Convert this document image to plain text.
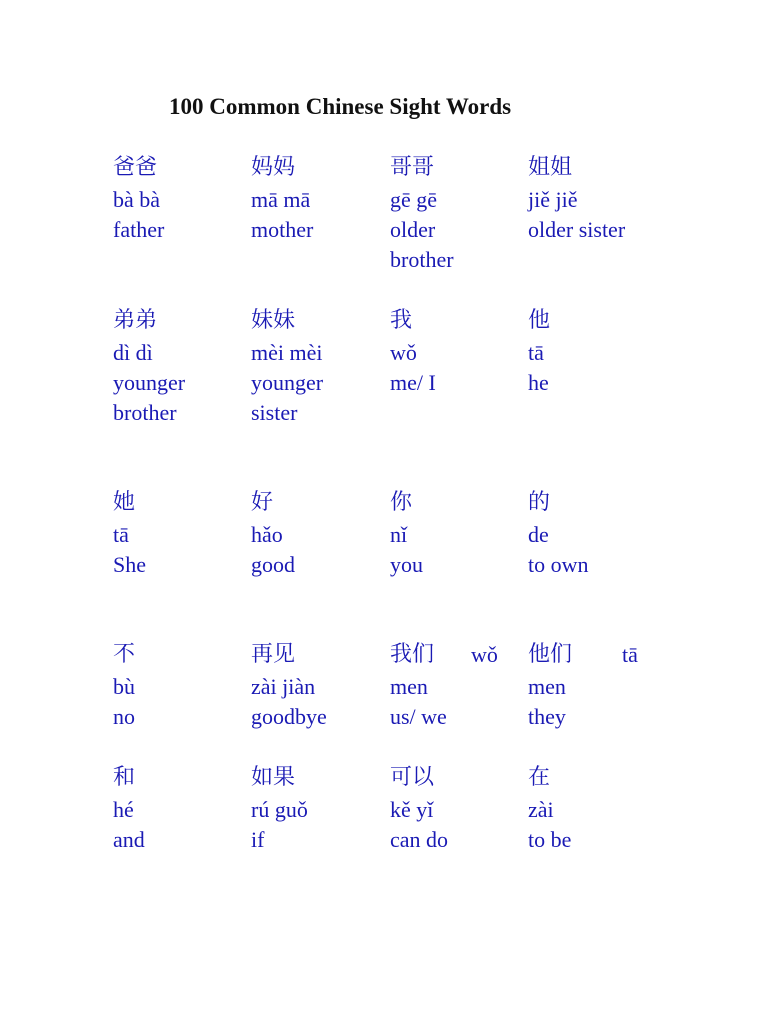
100 Common Chinese Sight Words
爸爸
bà bà
father
妈妈
mā mā
mother
哥哥
gē gē
older brother
姐姐
jiě jiě
older sister
弟弟
dì dì
younger brother
妹妹
mèi mèi
younger sister
我
wǒ
me/ I
他
tā
he
她
tā
She
好
hǎo
good
你
nǐ
you
的
de
to own
不
bù
no
再见
zài jiàn
goodbye
我们	wǒ
men
us/ we
他们	tā
men
they
和
hé
and
如果
rú guǒ
if
可以
kě yǐ
can do
在
zài
to be
